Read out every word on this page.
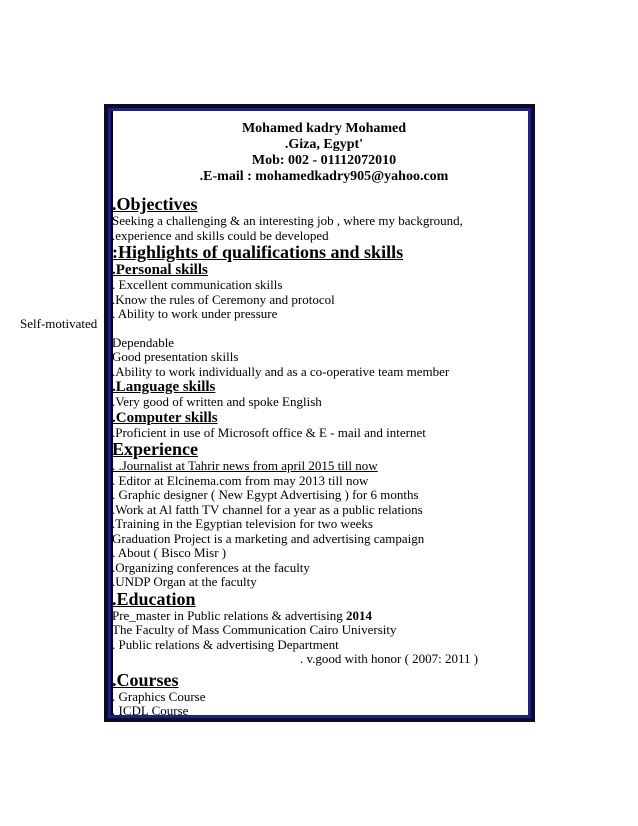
Self-motivated
Mohamed kadry Mohamed
.Giza, Egypt'
Mob: 002 - 01112072010
.E-mail : mohamedkadry905@yahoo.com
.Objectives
Seeking a challenging & an interesting job , where my background,
.experience and skills could be developed
:Highlights of qualifications and skills
.Personal skills
. Excellent communication skills
.Know the rules of Ceremony and protocol
. Ability to work under pressure
Dependable
Good presentation skills
.Ability to work individually and as a co-operative team member
.Language skills
.Very good of written and spoke English
.Computer skills
.Proficient in use of Microsoft office & E - mail and internet
Experience
. .Journalist at Tahrir news from april 2015 till now
. Editor at Elcinema.com from may 2013 till now
. Graphic designer ( New Egypt Advertising ) for 6 months
.Work at Al fatth TV channel for a year as a public relations
.Training in the Egyptian television for two weeks
Graduation Project is a marketing and advertising campaign
. About ( Bisco Misr )
.Organizing conferences at the faculty
.UNDP Organ at the faculty
.Education
Pre_master in Public relations & advertising 2014
The Faculty of Mass Communication Cairo University
. Public relations & advertising Department
. v.good with honor ( 2007: 2011 )
.Courses
. Graphics Course
. ICDL Course
